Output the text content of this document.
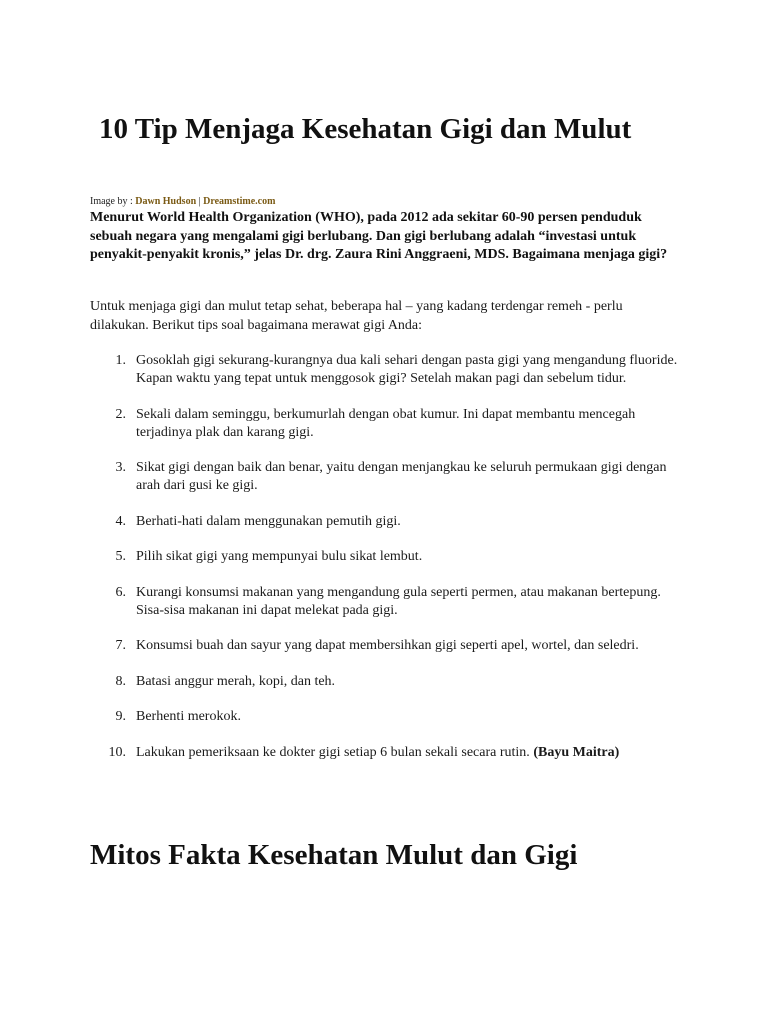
10 Tip Menjaga Kesehatan Gigi dan Mulut
Image by : Dawn Hudson | Dreamstime.com

Menurut World Health Organization (WHO), pada 2012 ada sekitar 60-90 persen penduduk sebuah negara yang mengalami gigi berlubang. Dan gigi berlubang adalah “investasi untuk penyakit-penyakit kronis,” jelas Dr. drg. Zaura Rini Anggraeni, MDS. Bagaimana menjaga gigi?

Untuk menjaga gigi dan mulut tetap sehat, beberapa hal – yang kadang terdengar remeh - perlu dilakukan. Berikut tips soal bagaimana merawat gigi Anda:

1. Gosoklah gigi sekurang-kurangnya dua kali sehari dengan pasta gigi yang mengandung fluoride. Kapan waktu yang tepat untuk menggosok gigi? Setelah makan pagi dan sebelum tidur.
2. Sekali dalam seminggu, berkumurlah dengan obat kumur. Ini dapat membantu mencegah terjadinya plak dan karang gigi.
3. Sikat gigi dengan baik dan benar, yaitu dengan menjangkau ke seluruh permukaan gigi dengan arah dari gusi ke gigi.
4. Berhati-hati dalam menggunakan pemutih gigi.
5. Pilih sikat gigi yang mempunyai bulu sikat lembut.
6. Kurangi konsumsi makanan yang mengandung gula seperti permen, atau makanan bertepung. Sisa-sisa makanan ini dapat melekat pada gigi.
7. Konsumsi buah dan sayur yang dapat membersihkan gigi seperti apel, wortel, dan seledri.
8. Batasi anggur merah, kopi, dan teh.
9. Berhenti merokok.
10. Lakukan pemeriksaan ke dokter gigi setiap 6 bulan sekali secara rutin. (Bayu Maitra)
Mitos Fakta Kesehatan Mulut dan Gigi
